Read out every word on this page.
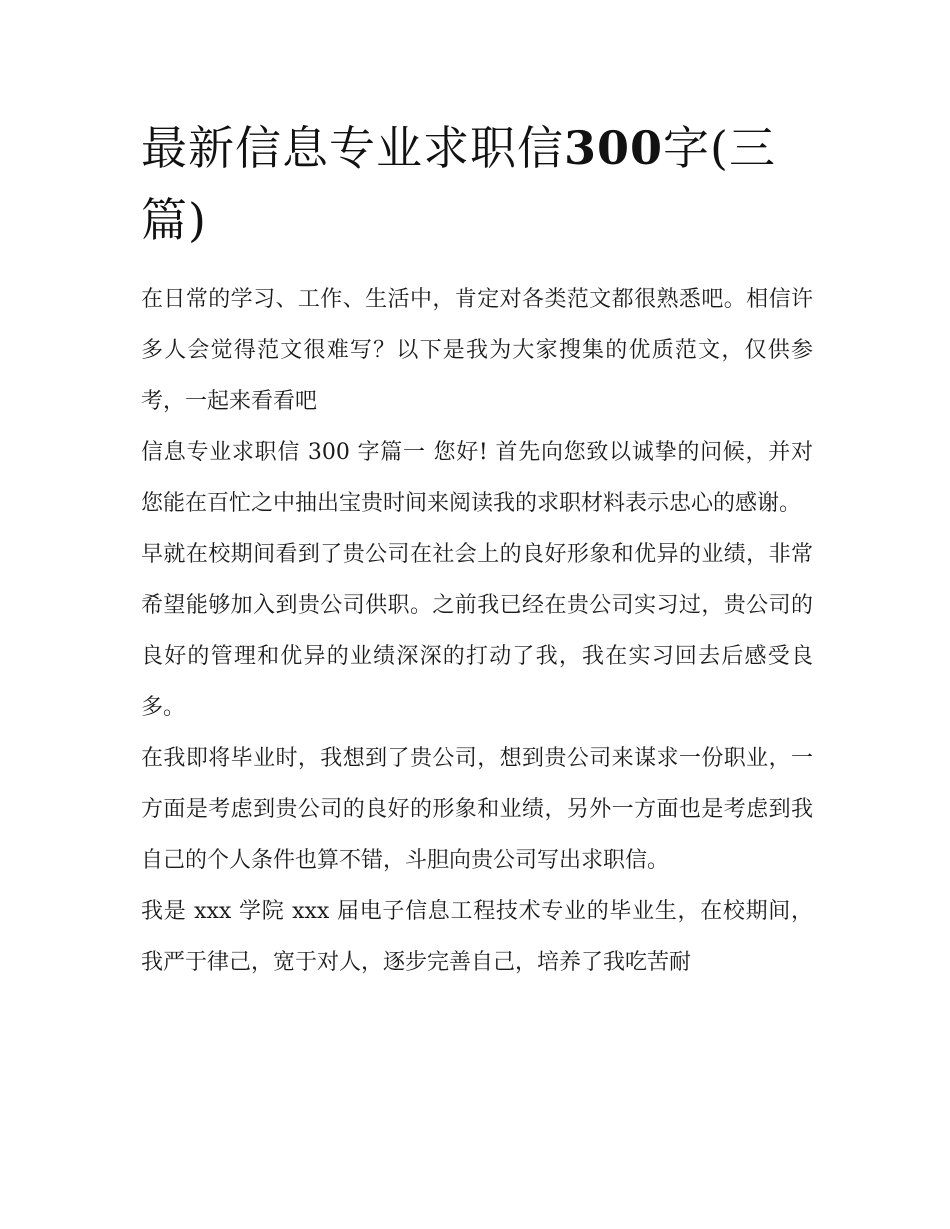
最新信息专业求职信300字(三篇)

在日常的学习、工作、生活中，肯定对各类范文都很熟悉吧。相信许多人会觉得范文很难写？以下是我为大家搜集的优质范文，仅供参考，一起来看看吧

信息专业求职信 300 字篇一 您好! 首先向您致以诚挚的问候，并对您能在百忙之中抽出宝贵时间来阅读我的求职材料表示忠心的感谢。

早就在校期间看到了贵公司在社会上的良好形象和优异的业绩，非常希望能够加入到贵公司供职。之前我已经在贵公司实习过，贵公司的良好的管理和优异的业绩深深的打动了我，我在实习回去后感受良多。

在我即将毕业时，我想到了贵公司，想到贵公司来谋求一份职业，一方面是考虑到贵公司的良好的形象和业绩，另外一方面也是考虑到我自己的个人条件也算不错，斗胆向贵公司写出求职信。

我是 xxx 学院 xxx 届电子信息工程技术专业的毕业生，在校期间，我严于律己，宽于对人，逐步完善自己，培养了我吃苦耐
